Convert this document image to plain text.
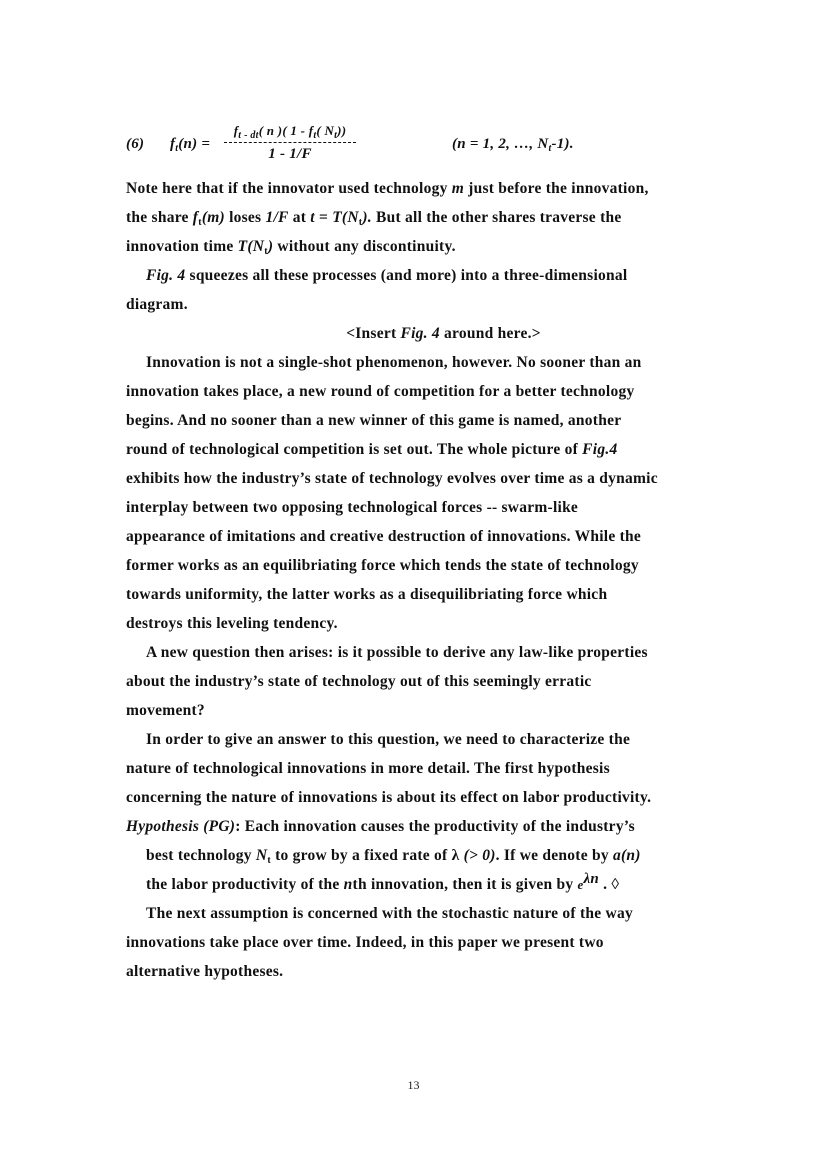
(6) $f_t(n)$ =
$f_{t - dt}$( n )( $1 - f_t$( $N_t$))
1 - 1/F
(n = 1, 2, …, $N_t-1$).
Note here that if the innovator used technology m just before the innovation,
the share $f_t(m)$ loses 1/F at $t = T(N_t)$. But all the other shares traverse the
innovation time $T(N_t)$ without any discontinuity.
Fig. 4 squeezes all these processes (and more) into a three-dimensional
diagram.
<Insert Fig. 4 around here.>
Innovation is not a single-shot phenomenon, however. No sooner than an
innovation takes place, a new round of competition for a better technology
begins. And no sooner than a new winner of this game is named, another
round of technological competition is set out. The whole picture of Fig.4
exhibits how the industry’s state of technology evolves over time as a dynamic
interplay between two opposing technological forces -- swarm-like
appearance of imitations and creative destruction of innovations. While the
former works as an equilibriating force which tends the state of technology
towards uniformity, the latter works as a disequilibriating force which
destroys this leveling tendency.
A new question then arises: is it possible to derive any law-like properties
about the industry’s state of technology out of this seemingly erratic
movement?
In order to give an answer to this question, we need to characterize the
nature of technological innovations in more detail. The first hypothesis
concerning the nature of innovations is about its effect on labor productivity.
Hypothesis (PG): Each innovation causes the productivity of the industry’s
best technology $N_t$ to grow by a fixed rate of λ (> 0). If we denote by a(n)
the labor productivity of the nth innovation, then it is given by $e^{\lambda n}$ . ◊
The next assumption is concerned with the stochastic nature of the way
innovations take place over time. Indeed, in this paper we present two
alternative hypotheses.
13
